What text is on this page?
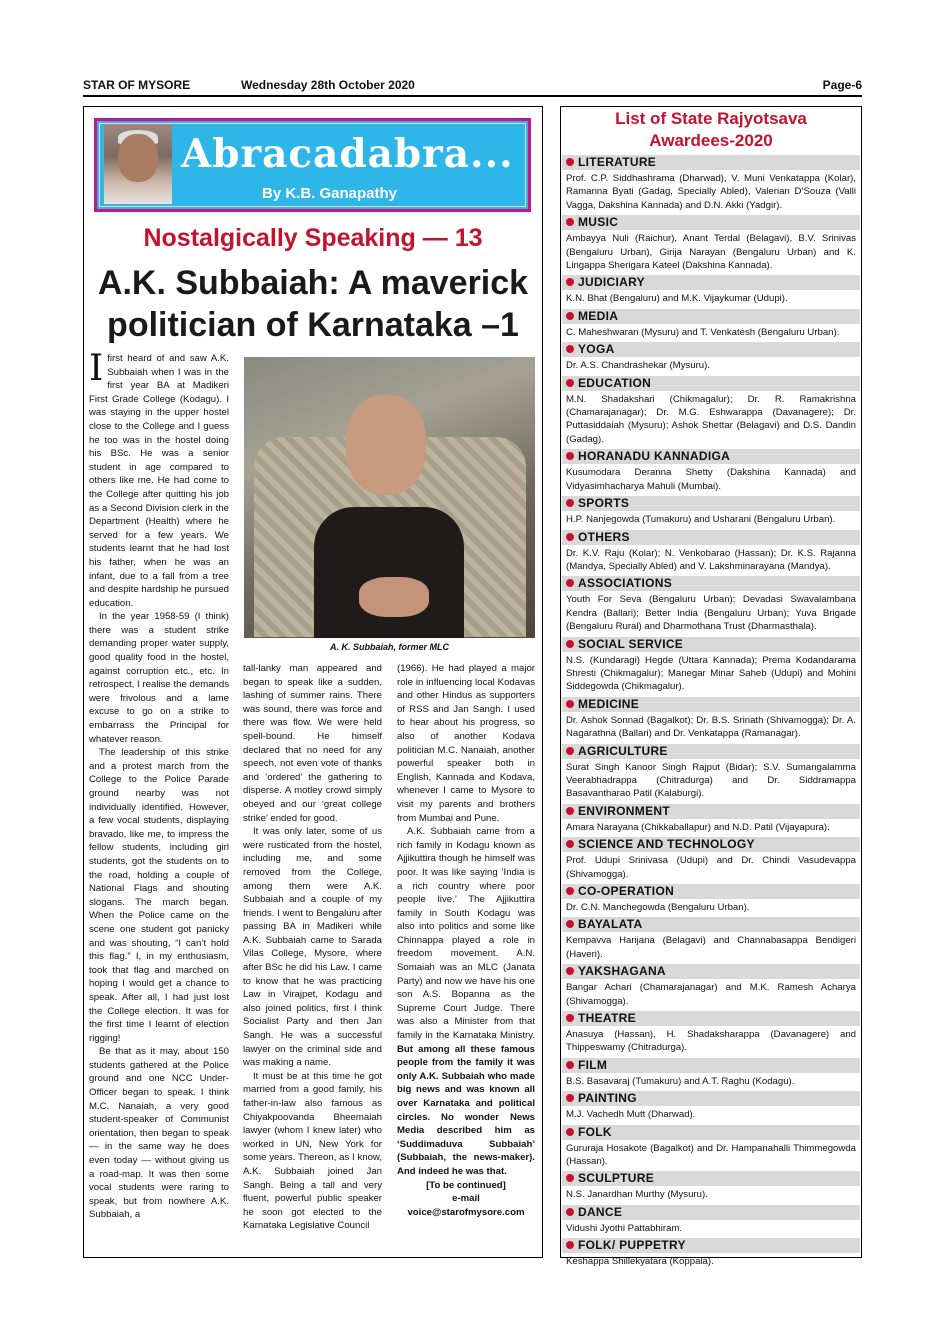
STAR OF MYSORE	Wednesday 28th October 2020	Page-6
Abracadabra...
By K.B. Ganapathy
Nostalgically Speaking — 13
A.K. Subbaiah: A maverick politician of Karnataka –1
A. K. Subbaiah, former MLC

Ifirst heard of and saw A.K. Subbaiah when I was in the first year BA at Madikeri First Grade College (Kodagu). I was staying in the upper hostel close to the College and I guess he too was in the hostel doing his BSc. He was a senior student in age compared to others like me. He had come to the College after quitting his job as a Second Division clerk in the Department (Health) where he served for a few years. We students learnt that he had lost his father, when he was an infant, due to a fall from a tree and despite hardship he pursued education.

In the year 1958-59 (I think) there was a student strike demanding proper water supply, good quality food in the hostel, against corruption etc., etc. In retrospect, I realise the demands were frivolous and a lame excuse to go on a strike to embarrass the Principal for whatever reason.

The leadership of this strike and a protest march from the College to the Police Parade ground nearby was not individually identified. However, a few vocal students, displaying bravado, like me, to impress the fellow students, including girl students, got the students on to the road, holding a couple of National Flags and shouting slogans. The march began. When the Police came on the scene one student got panicky and was shouting, “I can’t hold this flag.” I, in my enthusiasm, took that flag and marched on hoping I would get a chance to speak. After all, I had just lost the College election. It was for the first time I learnt of election rigging!

Be that as it may, about 150 students gathered at the Police ground and one NCC Under-Officer began to speak. I think M.C. Nanaiah, a very good student-speaker of Communist orientation, then began to speak — in the same way he does even today — without giving us a road-map. It was then some vocal students were raring to speak, but from nowhere A.K. Subbaiah, a

tall-lanky man appeared and began to speak like a sudden, lashing of summer rains. There was sound, there was force and there was flow. We were held spell-bound. He himself declared that no need for any speech, not even vote of thanks and ‘ordered’ the gathering to disperse. A motley crowd simply obeyed and our ‘great college strike’ ended for good.

It was only later, some of us were rusticated from the hostel, including me, and some removed from the College, among them were A.K. Subbaiah and a couple of my friends. I went to Bengaluru after passing BA in Madikeri while A.K. Subbaiah came to Sarada Vilas College, Mysore, where after BSc he did his Law. I came to know that he was practicing Law in Virajpet, Kodagu and also joined politics, first I think Socialist Party and then Jan Sangh. He was a successful lawyer on the criminal side and was making a name.

It must be at this time he got married from a good family, his father-in-law also famous as Chiyakpoovanda Bheemaiah lawyer (whom I knew later) who worked in UN, New York for some years. Thereon, as I know, A.K. Subbaiah joined Jan Sangh. Being a tall and very fluent, powerful public speaker he soon got elected to the Karnataka Legislative Council

(1966). He had played a major role in influencing local Kodavas and other Hindus as supporters of RSS and Jan Sangh. I used to hear about his progress, so also of another Kodava politician M.C. Nanaiah, another powerful speaker both in English, Kannada and Kodava, whenever I came to Mysore to visit my parents and brothers from Mumbai and Pune.

A.K. Subbaiah came from a rich family in Kodagu known as Ajjikuttira though he himself was poor. It was like saying ‘India is a rich country where poor people live.’ The Ajjikuttira family in South Kodagu was also into politics and some like Chinnappa played a role in freedom movement. A.N. Somaiah was an MLC (Janata Party) and now we have his one son A.S. Bopanna as the Supreme Court Judge. There was also a Minister from that family in the Karnataka Ministry. But among all these famous people from the family it was only A.K. Subbaiah who made big news and was known all over Karnataka and political circles. No wonder News Media described him as ‘Suddimaduva Subbaiah’ (Subbaiah, the news-maker). And indeed he was that.

[To be continued]

e-mail

voice@starofmysore.com

List of State Rajyotsava
Awardees-2020
LITERATURE
Prof. C.P. Siddhashrama (Dharwad), V. Muni Venkatappa (Kolar), Ramanna Byati (Gadag, Specially Abled), Valerian D’Souza (Valli Vagga, Dakshina Kannada) and D.N. Akki (Yadgir).
MUSIC
Ambayya Nuli (Raichur), Anant Terdal (Belagavi), B.V. Srinivas (Bengaluru Urban), Girija Narayan (Bengaluru Urban) and K. Lingappa Sherigara Kateel (Dakshina Kannada).
JUDICIARY
K.N. Bhat (Bengaluru) and M.K. Vijaykumar (Udupi).
MEDIA
C. Maheshwaran (Mysuru) and T. Venkatesh (Bengaluru Urban).
YOGA
Dr. A.S. Chandrashekar (Mysuru).
EDUCATION
M.N. Shadakshari (Chikmagalur); Dr. R. Ramakrishna (Chamarajanagar); Dr. M.G. Eshwarappa (Davanagere); Dr. Puttasiddaiah (Mysuru); Ashok Shettar (Belagavi) and D.S. Dandin (Gadag).
HORANADU KANNADIGA
Kusumodara Deranna Shetty (Dakshina Kannada) and Vidyasimhacharya Mahuli (Mumbai).
SPORTS
H.P. Nanjegowda (Tumakuru) and Usharani (Bengaluru Urban).
OTHERS
Dr. K.V. Raju (Kolar); N. Venkobarao (Hassan); Dr. K.S. Rajanna (Mandya, Specially Abled) and V. Lakshminarayana (Mandya).
ASSOCIATIONS
Youth For Seva (Bengaluru Urban); Devadasi Swavalambana Kendra (Ballari); Better India (Bengaluru Urban); Yuva Brigade (Bengaluru Rural) and Dharmothana Trust (Dharmasthala).
SOCIAL SERVICE
N.S. (Kundaragi) Hegde (Uttara Kannada); Prema Kodandarama Shresti (Chikmagalur); Manegar Minar Saheb (Udupi) and Mohini Siddegowda (Chikmagalur).
MEDICINE
Dr. Ashok Sonnad (Bagalkot); Dr. B.S. Srinath (Shivamogga); Dr. A. Nagarathna (Ballari) and Dr. Venkatappa (Ramanagar).
AGRICULTURE
Surat Singh Kanoor Singh Rajput (Bidar); S.V. Sumangalamma Veerabhadrappa (Chitradurga) and Dr. Siddramappa Basavantharao Patil (Kalaburgi).
ENVIRONMENT
Amara Narayana (Chikkaballapur) and N.D. Patil (Vijayapura).
SCIENCE AND TECHNOLOGY
Prof. Udupi Srinivasa (Udupi) and Dr. Chindi Vasudevappa (Shivamogga).
CO-OPERATION
Dr. C.N. Manchegowda (Bengaluru Urban).
BAYALATA
Kempavva Harijana (Belagavi) and Channabasappa Bendigeri (Haveri).
YAKSHAGANA
Bangar Achari (Chamarajanagar) and M.K. Ramesh Acharya (Shivamogga).
THEATRE
Anasuya (Hassan), H. Shadaksharappa (Davanagere) and Thippeswamy (Chitradurga).
FILM
B.S. Basavaraj (Tumakuru) and A.T. Raghu (Kodagu).
PAINTING
M.J. Vachedh Mutt (Dharwad).
FOLK
Gururaja Hosakote (Bagalkot) and Dr. Hampanahalli Thimmegowda (Hassan).
SCULPTURE
N.S. Janardhan Murthy (Mysuru).
DANCE
Vidushi Jyothi Pattabhiram.
FOLK/ PUPPETRY
Keshappa Shillekyatara (Koppala).
